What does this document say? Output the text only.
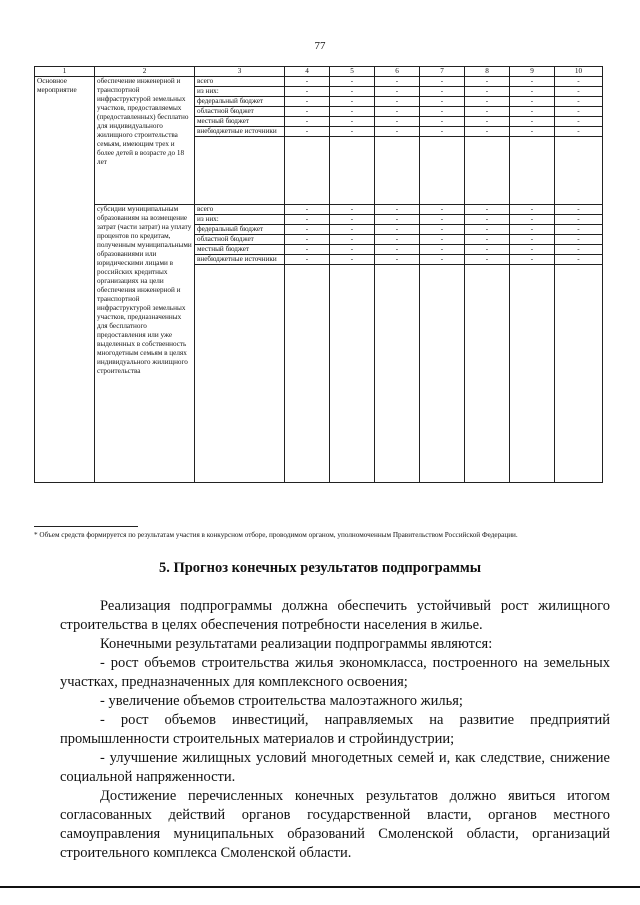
77
1	2	3	4	5	6	7	8	9	10
Основное мероприятие	обеспечение инженерной и транспортной инфраструктурой земельных участков, предоставляемых (предоставленных) бесплатно для индивидуального жилищного строительства семьям, имеющим трех и более детей в возрасте до 18 лет	всего	-	-	-	-	-	-	-
		из них:	-	-	-	-	-	-	-
		федеральный бюджет	-	-	-	-	-	-	-
		областной бюджет	-	-	-	-	-	-	-
		местный бюджет	-	-	-	-	-	-	-
		внебюджетные источники	-	-	-	-	-	-	-

	субсидии муниципальным образованиям на возмещение затрат (части затрат) на уплату процентов по кредитам, полученным муниципальными образованиями или юридическими лицами в российских кредитных организациях на цели обеспечения инженерной и транспортной инфраструктурой земельных участков, предназначенных для бесплатного предоставления или уже выделенных в собственность многодетным семьям в целях индивидуального жилищного строительства	всего	-	-	-	-	-	-	-
		из них:	-	-	-	-	-	-	-
		федеральный бюджет	-	-	-	-	-	-	-
		областной бюджет	-	-	-	-	-	-	-
		местный бюджет	-	-	-	-	-	-	-
		внебюджетные источники	-	-	-	-	-	-	-

* Объем средств формируется по результатам участия в конкурсном отборе, проводимом органом, уполномоченным Правительством Российской Федерации.
5. Прогноз конечных результатов подпрограммы

Реализация подпрограммы должна обеспечить устойчивый рост жилищного строительства в целях обеспечения потребности населения в жилье.

Конечными результатами реализации подпрограммы являются:

- рост объемов строительства жилья экономкласса, построенного на земельных участках, предназначенных для комплексного освоения;

- увеличение объемов строительства малоэтажного жилья;

- рост объемов инвестиций, направляемых на развитие предприятий промышленности строительных материалов и стройиндустрии;

- улучшение жилищных условий многодетных семей и, как следствие, снижение социальной напряженности.

Достижение перечисленных конечных результатов должно явиться итогом согласованных действий органов государственной власти, органов местного самоуправления муниципальных образований Смоленской области, организаций строительного комплекса Смоленской области.
